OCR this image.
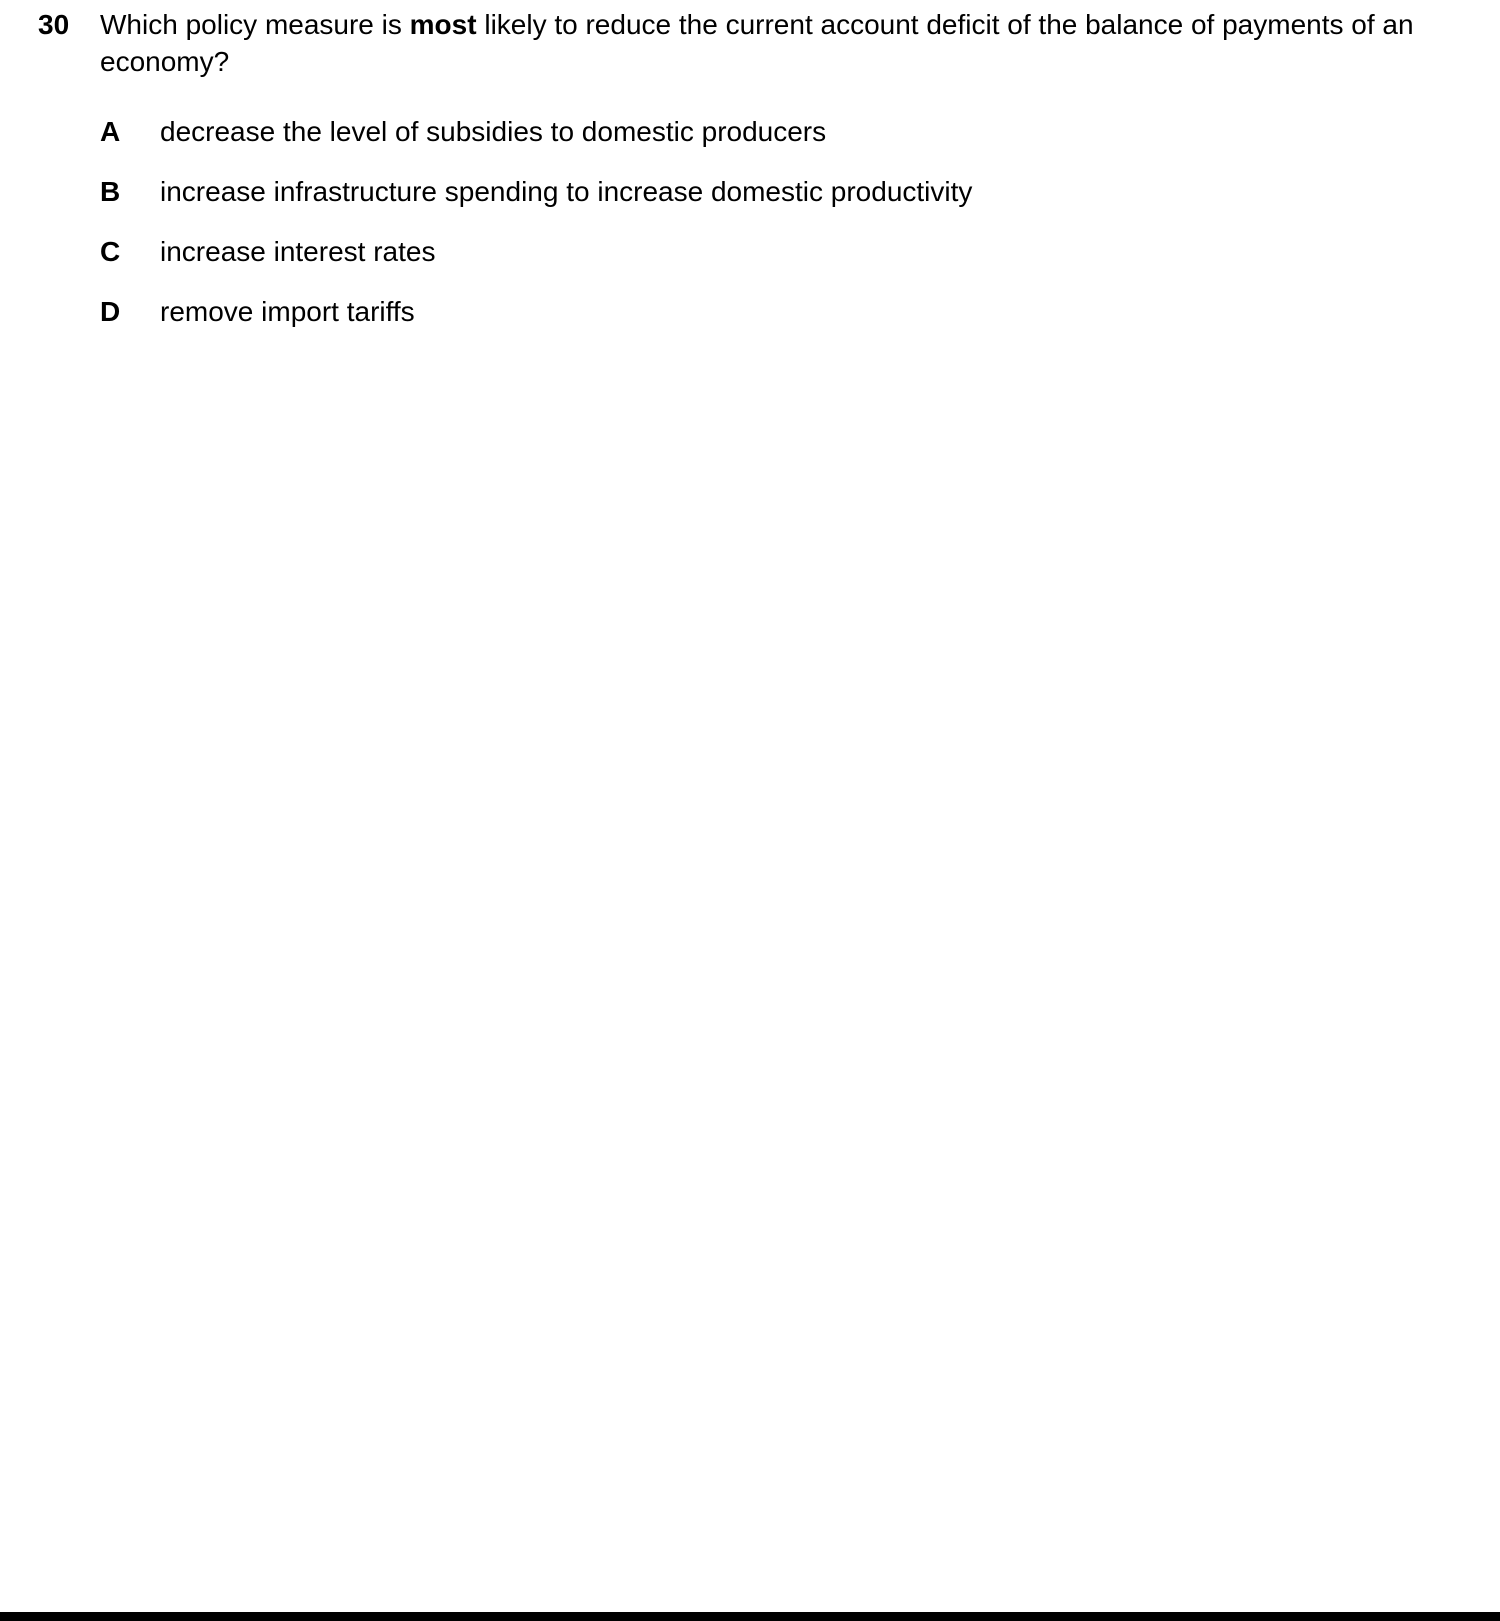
30	Which policy measure is most likely to reduce the current account deficit of the balance of payments of an economy?
A	decrease the level of subsidies to domestic producers
B	increase infrastructure spending to increase domestic productivity
C	increase interest rates
D	remove import tariffs
